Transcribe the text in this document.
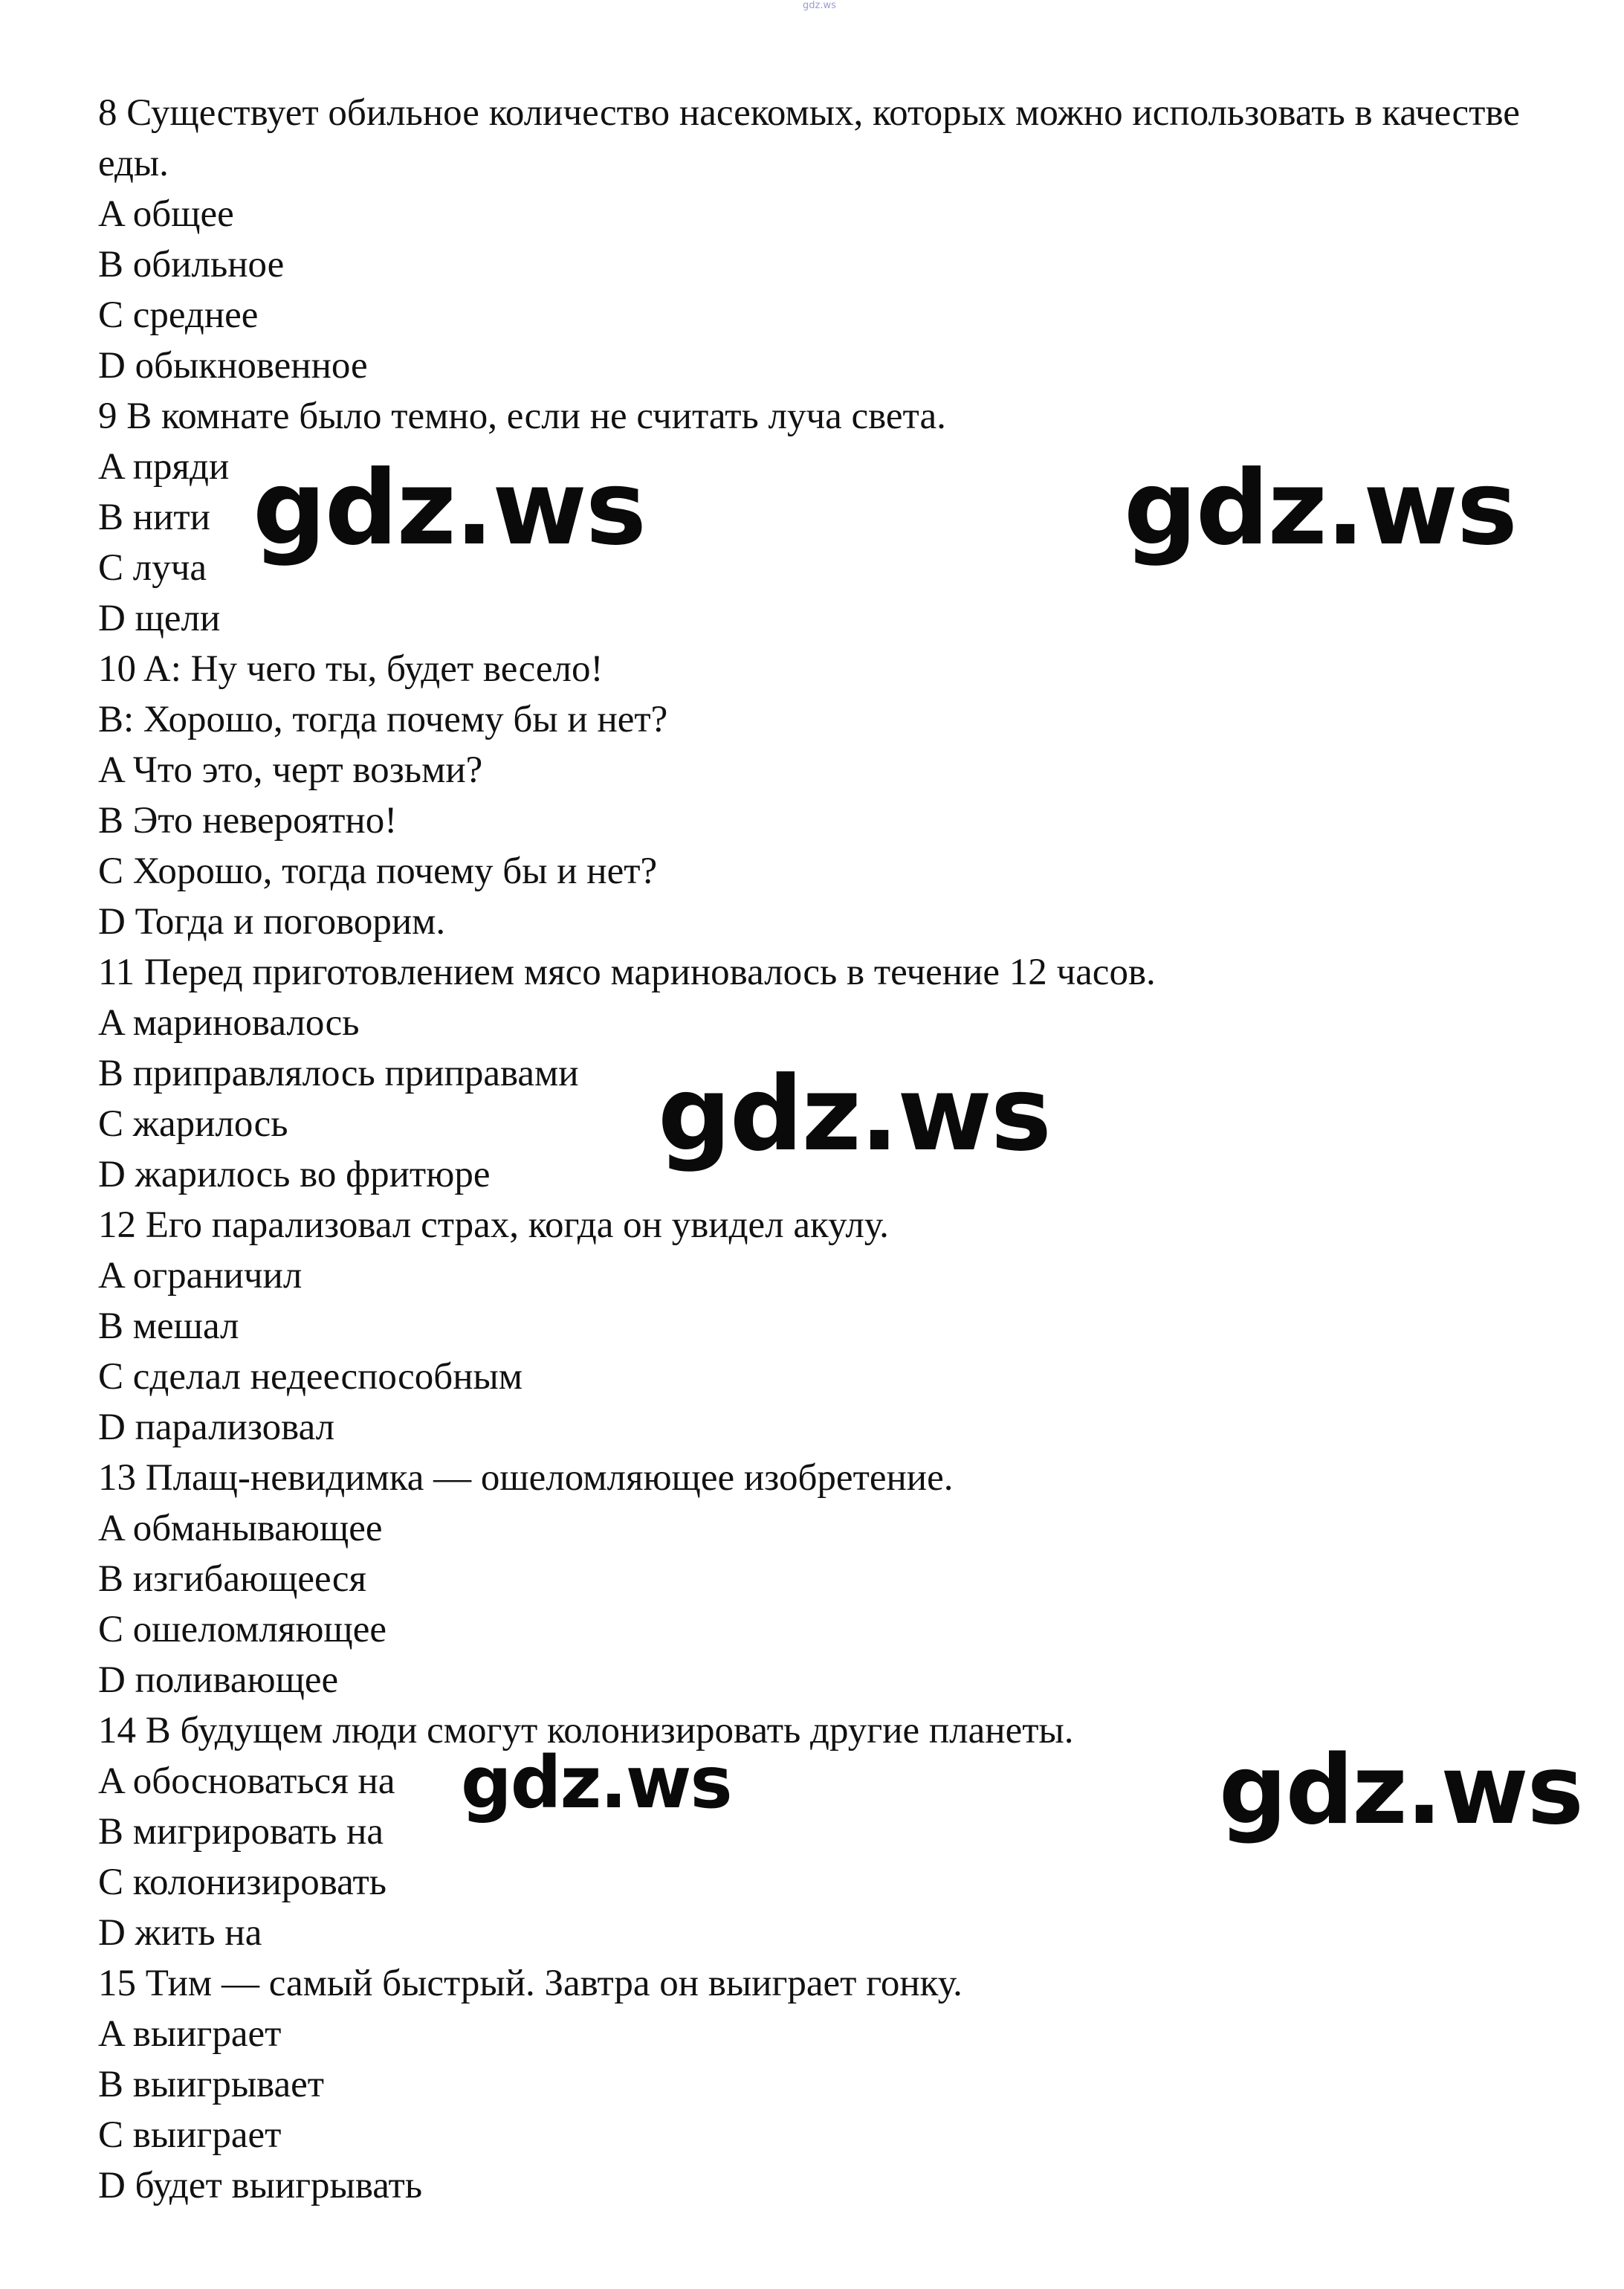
gdz.ws
8 Существует обильное количество насекомых, которых можно использовать в качестве еды.
A общее
B обильное
C среднее
D обыкновенное
9 В комнате было темно, если не считать луча света.
A пряди
B нити
C луча
D щели
10 A: Ну чего ты, будет весело!
B: Хорошо, тогда почему бы и нет?
A Что это, черт возьми?
B Это невероятно!
C Хорошо, тогда почему бы и нет?
D Тогда и поговорим.
11 Перед приготовлением мясо мариновалось в течение 12 часов.
A мариновалось
B приправлялось приправами
C жарилось
D жарилось во фритюре
12 Его парализовал страх, когда он увидел акулу.
A ограничил
B мешал
C сделал недееспособным
D парализовал
13 Плащ-невидимка — ошеломляющее изобретение.
A обманывающее
B изгибающееся
C ошеломляющее
D поливающее
14 В будущем люди смогут колонизировать другие планеты.
A обосноваться на
B мигрировать на
C колонизировать
D жить на
15 Тим — самый быстрый. Завтра он выиграет гонку.
A выиграет
B выигрывает
C выиграет
D будет выигрывать
gdz.ws	gdz.ws
gdz.ws
gdz.ws	gdz.ws
